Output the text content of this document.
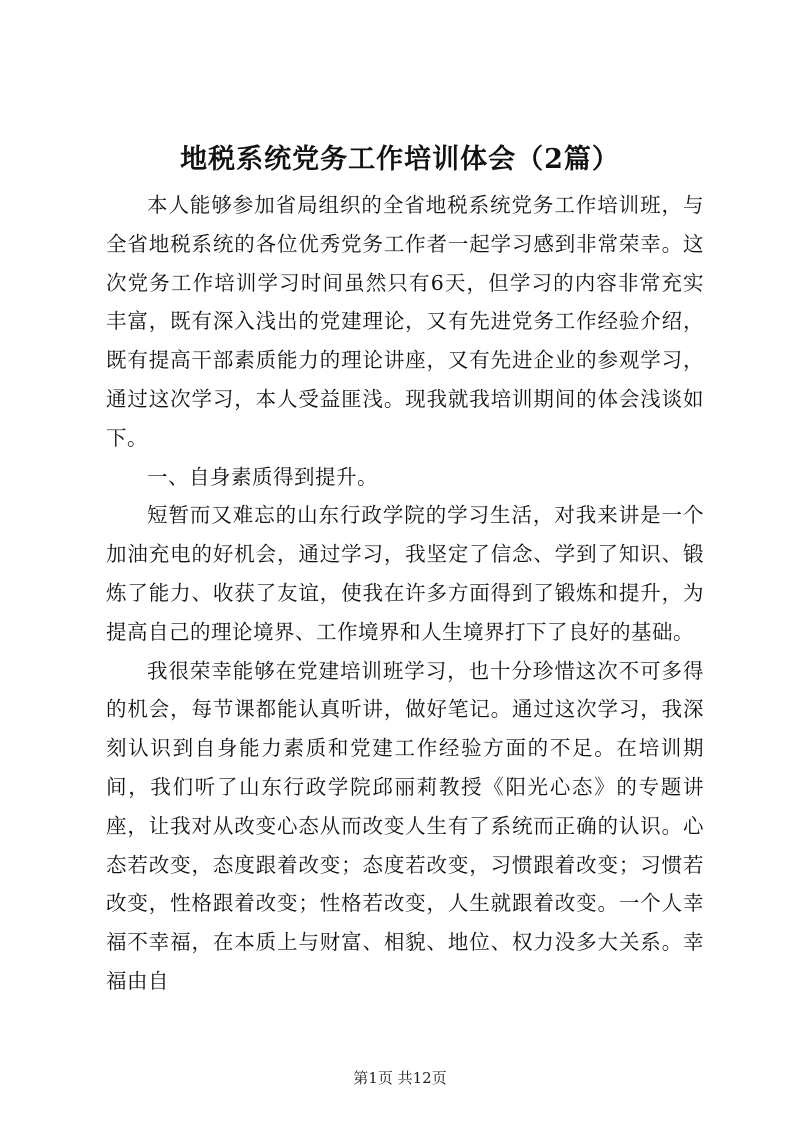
地税系统党务工作培训体会（2篇）

本人能够参加省局组织的全省地税系统党务工作培训班，与全省地税系统的各位优秀党务工作者一起学习感到非常荣幸。这次党务工作培训学习时间虽然只有6天，但学习的内容非常充实丰富，既有深入浅出的党建理论，又有先进党务工作经验介绍，既有提高干部素质能力的理论讲座，又有先进企业的参观学习，通过这次学习，本人受益匪浅。现我就我培训期间的体会浅谈如下。

一、自身素质得到提升。

短暂而又难忘的山东行政学院的学习生活，对我来讲是一个加油充电的好机会，通过学习，我坚定了信念、学到了知识、锻炼了能力、收获了友谊，使我在许多方面得到了锻炼和提升，为提高自己的理论境界、工作境界和人生境界打下了良好的基础。

我很荣幸能够在党建培训班学习，也十分珍惜这次不可多得的机会，每节课都能认真听讲，做好笔记。通过这次学习，我深刻认识到自身能力素质和党建工作经验方面的不足。在培训期间，我们听了山东行政学院邱丽莉教授《阳光心态》的专题讲座，让我对从改变心态从而改变人生有了系统而正确的认识。心态若改变，态度跟着改变；态度若改变，习惯跟着改变；习惯若改变，性格跟着改变；性格若改变，人生就跟着改变。一个人幸福不幸福，在本质上与财富、相貌、地位、权力没多大关系。幸福由自

第1页 共12页
